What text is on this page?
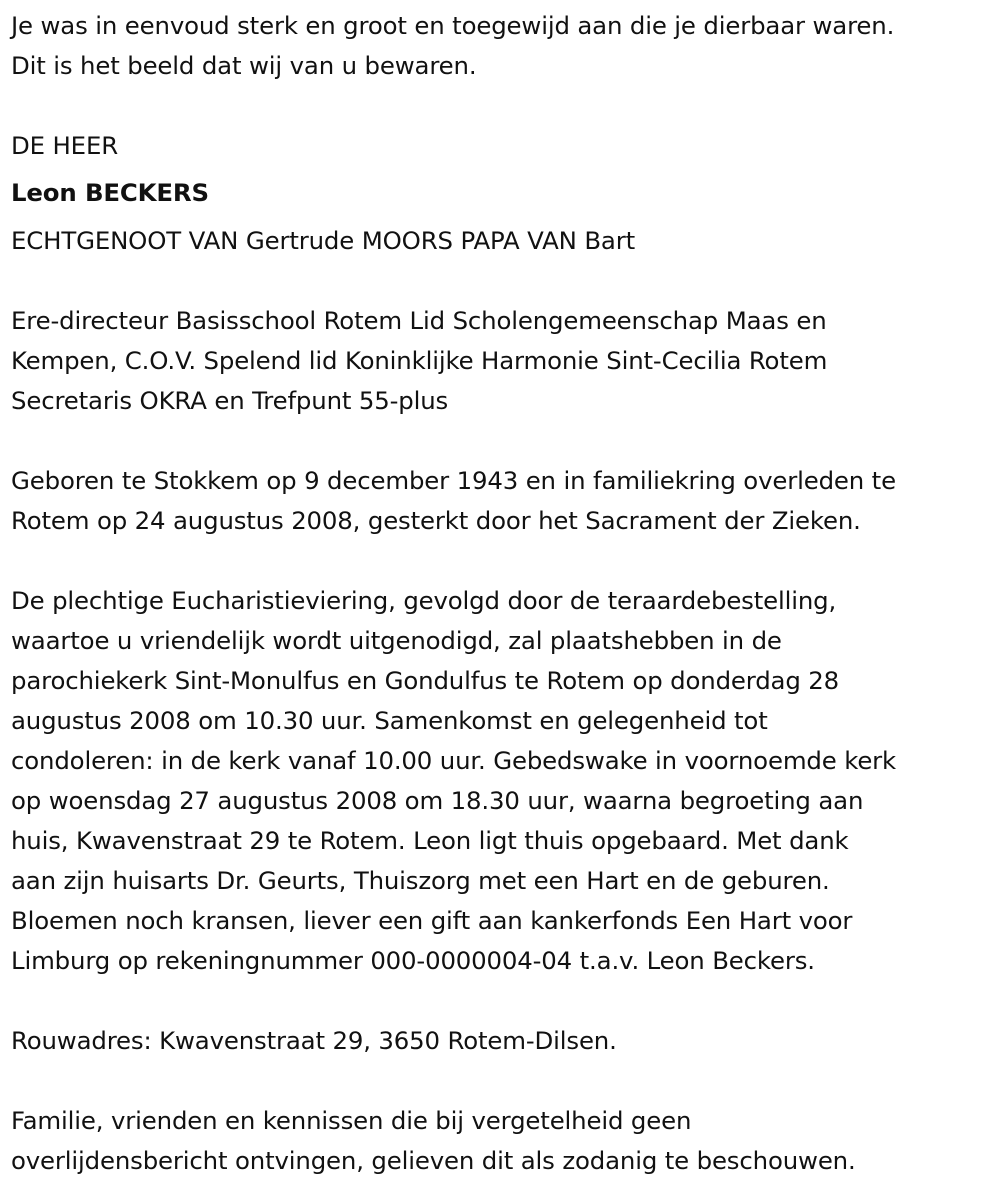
Je was in eenvoud sterk en groot en toegewijd aan die je dierbaar waren.
Dit is het beeld dat wij van u bewaren.
DE HEER
Leon BECKERS
ECHTGENOOT VAN Gertrude MOORS PAPA VAN Bart
Ere-directeur Basisschool Rotem Lid Scholengemeenschap Maas en
Kempen, C.O.V. Spelend lid Koninklijke Harmonie Sint-Cecilia Rotem
Secretaris OKRA en Trefpunt 55-plus
Geboren te Stokkem op 9 december 1943 en in familiekring overleden te
Rotem op 24 augustus 2008, gesterkt door het Sacrament der Zieken.
De plechtige Eucharistieviering, gevolgd door de teraardebestelling,
waartoe u vriendelijk wordt uitgenodigd, zal plaatshebben in de
parochiekerk Sint-Monulfus en Gondulfus te Rotem op donderdag 28
augustus 2008 om 10.30 uur. Samenkomst en gelegenheid tot
condoleren: in de kerk vanaf 10.00 uur. Gebedswake in voornoemde kerk
op woensdag 27 augustus 2008 om 18.30 uur, waarna begroeting aan
huis, Kwavenstraat 29 te Rotem. Leon ligt thuis opgebaard. Met dank
aan zijn huisarts Dr. Geurts, Thuiszorg met een Hart en de geburen.
Bloemen noch kransen, liever een gift aan kankerfonds Een Hart voor
Limburg op rekeningnummer 000-0000004-04 t.a.v. Leon Beckers.
Rouwadres: Kwavenstraat 29, 3650 Rotem-Dilsen.
Familie, vrienden en kennissen die bij vergetelheid geen
overlijdensbericht ontvingen, gelieven dit als zodanig te beschouwen.
